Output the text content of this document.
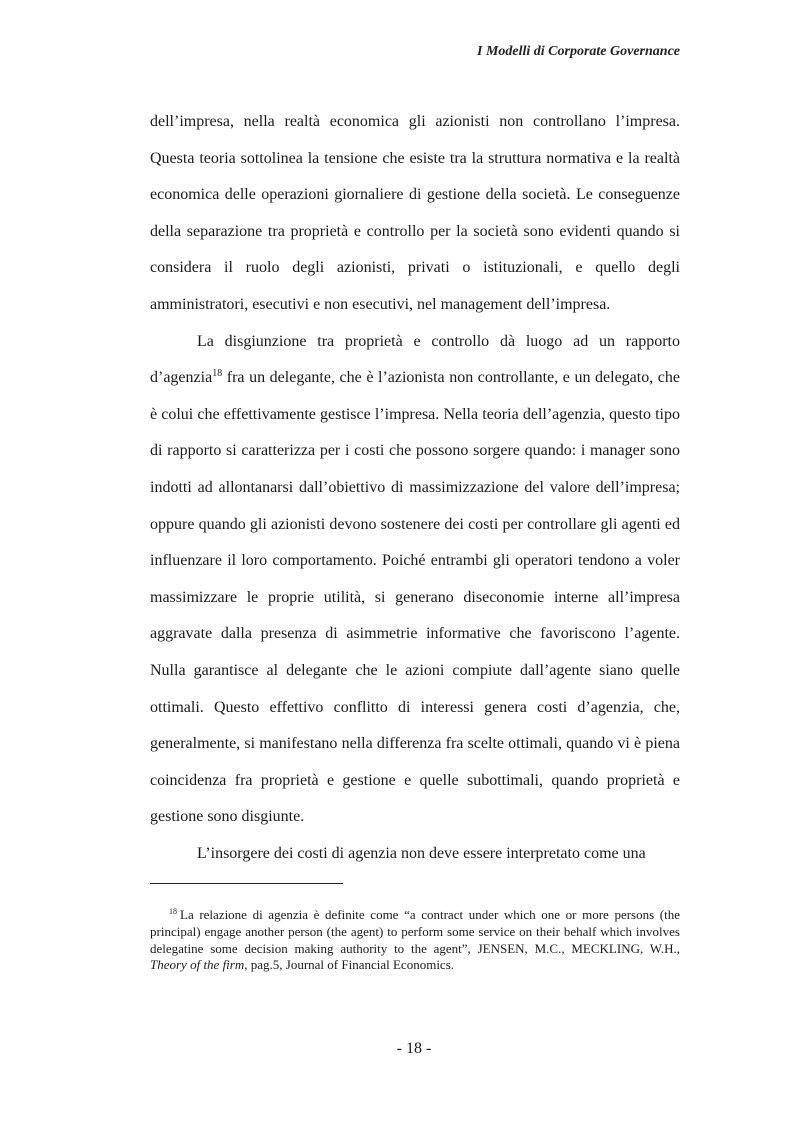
I Modelli di Corporate Governance

dell’impresa, nella realtà economica gli azionisti non controllano l’impresa. Questa teoria sottolinea la tensione che esiste tra la struttura normativa e la realtà economica delle operazioni giornaliere di gestione della società. Le conseguenze della separazione tra proprietà e controllo per la società sono evidenti quando si considera il ruolo degli azionisti, privati o istituzionali, e quello degli amministratori, esecutivi e non esecutivi, nel management dell’impresa.

La disgiunzione tra proprietà e controllo dà luogo ad un rapporto d’agenzia$^{18}$ fra un delegante, che è l’azionista non controllante, e un delegato, che è colui che effettivamente gestisce l’impresa. Nella teoria dell’agenzia, questo tipo di rapporto si caratterizza per i costi che possono sorgere quando: i manager sono indotti ad allontanarsi dall’obiettivo di massimizzazione del valore dell’impresa; oppure quando gli azionisti devono sostenere dei costi per controllare gli agenti ed influenzare il loro comportamento. Poiché entrambi gli operatori tendono a voler massimizzare le proprie utilità, si generano diseconomie interne all’impresa aggravate dalla presenza di asimmetrie informative che favoriscono l’agente. Nulla garantisce al delegante che le azioni compiute dall’agente siano quelle ottimali. Questo effettivo conflitto di interessi genera costi d’agenzia, che, generalmente, si manifestano nella differenza fra scelte ottimali, quando vi è piena coincidenza fra proprietà e gestione e quelle subottimali, quando proprietà e gestione sono disgiunte.

L’insorgere dei costi di agenzia non deve essere interpretato come una

$^{18}$ La relazione di agenzia è definite come “a contract under which one or more persons (the principal) engage another person (the agent) to perform some service on their behalf which involves delegatine some decision making authority to the agent”, JENSEN, M.C., MECKLING, W.H., Theory of the firm, pag.5, Journal of Financial Economics.
- 18 -
